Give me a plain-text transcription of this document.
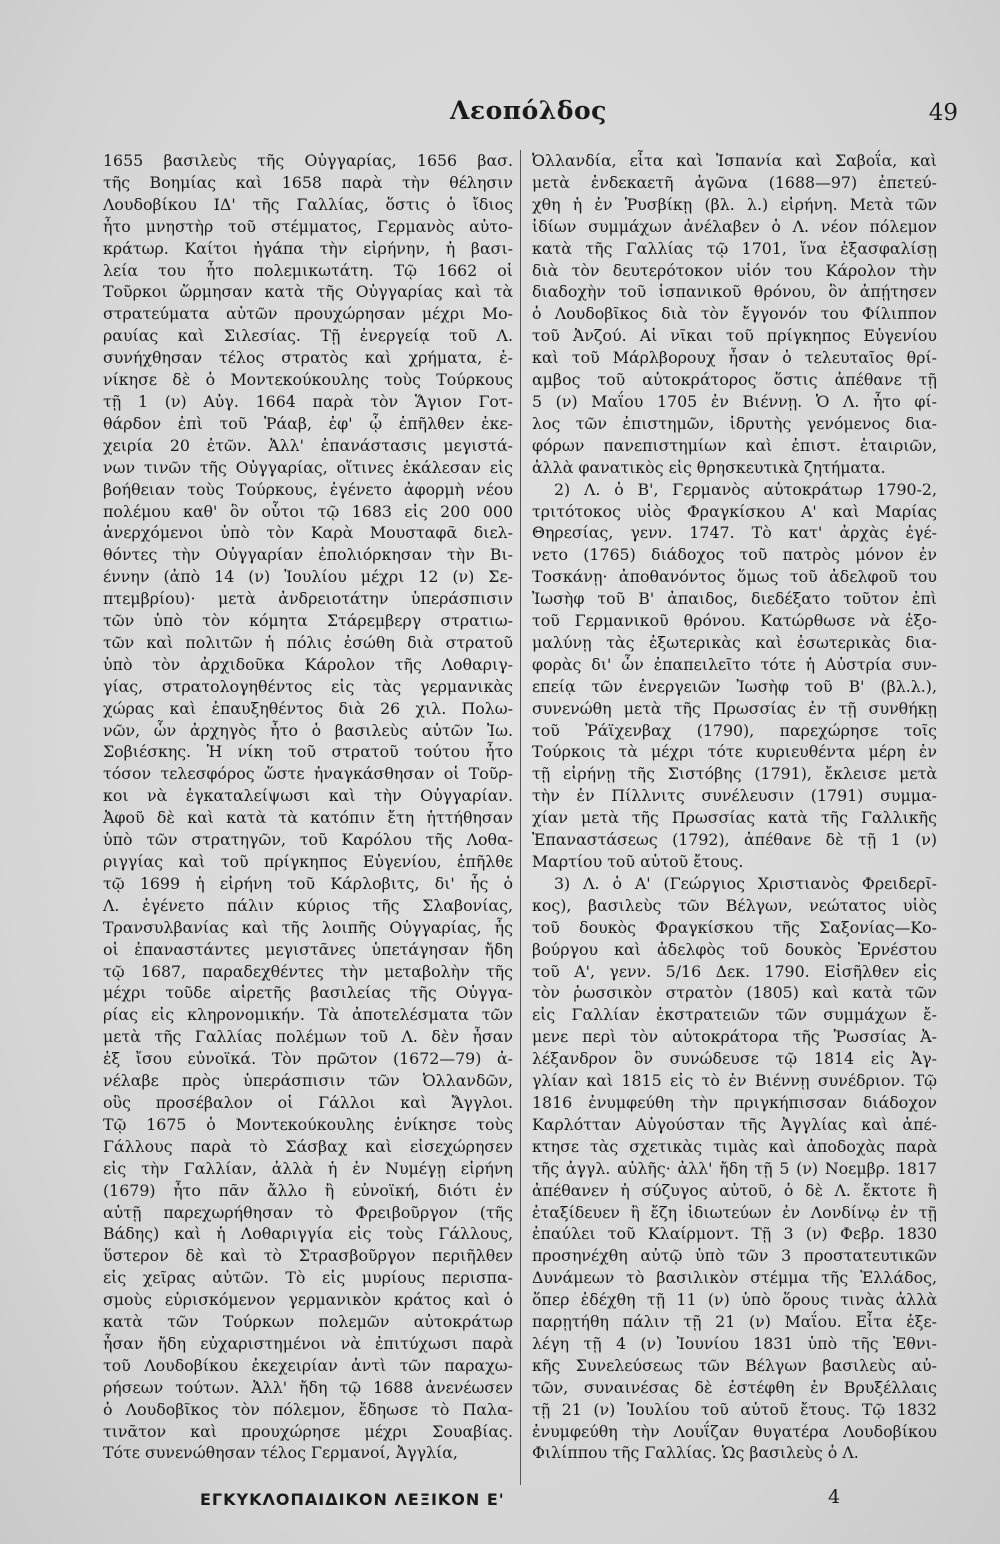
Λεοπόλδος	49
1655 βασιλεὺς τῆς Οὐγγαρίας, 1656 βασ.
τῆς Βοημίας καὶ 1658 παρὰ τὴν θέλησιν
Λουδοβίκου ΙΔ' τῆς Γαλλίας, ὅστις ὁ ἴδιος
ἦτο μνηστὴρ τοῦ στέμματος, Γερμανὸς αὐτο-
κράτωρ. Καίτοι ἠγάπα τὴν εἰρήνην, ἡ βασι-
λεία του ἦτο πολεμικωτάτη. Τῷ 1662 οἱ
Τοῦρκοι ὥρμησαν κατὰ τῆς Οὐγγαρίας καὶ τὰ
στρατεύματα αὐτῶν προυχώρησαν μέχρι Μο-
ραυίας καὶ Σιλεσίας. Τῇ ἐνεργείᾳ τοῦ Λ.
συνήχθησαν τέλος στρατὸς καὶ χρήματα, ἐ-
νίκησε δὲ ὁ Μοντεκούκουλης τοὺς Τούρκους
τῇ 1 (ν) Αὐγ. 1664 παρὰ τὸν Ἅγιον Γοτ-
θάρδον ἐπὶ τοῦ Ῥάαβ, ἐφ' ᾧ ἐπῆλθεν ἐκε-
χειρία 20 ἐτῶν. Ἀλλ' ἐπανάστασις μεγιστά-
νων τινῶν τῆς Οὐγγαρίας, οἵτινες ἐκάλεσαν εἰς
βοήθειαν τοὺς Τούρκους, ἐγένετο ἀφορμὴ νέου
πολέμου καθ' ὃν οὗτοι τῷ 1683 εἰς 200 000
ἀνερχόμενοι ὑπὸ τὸν Καρὰ Μουσταφᾶ διελ-
θόντες τὴν Οὐγγαρίαν ἐπολιόρκησαν τὴν Βι-
έννην (ἀπὸ 14 (ν) Ἰουλίου μέχρι 12 (ν) Σε-
πτεμβρίου)· μετὰ ἀνδρειοτάτην ὑπεράσπισιν
τῶν ὑπὸ τὸν κόμητα Στάρεμβεργ στρατιω-
τῶν καὶ πολιτῶν ἡ πόλις ἐσώθη διὰ στρατοῦ
ὑπὸ τὸν ἀρχιδοῦκα Κάρολον τῆς Λοθαριγ-
γίας, στρατολογηθέντος εἰς τὰς γερμανικὰς
χώρας καὶ ἐπαυξηθέντος διὰ 26 χιλ. Πολω-
νῶν, ὧν ἀρχηγὸς ἦτο ὁ βασιλεὺς αὐτῶν Ἰω.
Σοβιέσκης. Ἡ νίκη τοῦ στρατοῦ τούτου ἦτο
τόσον τελεσφόρος ὥστε ἠναγκάσθησαν οἱ Τοῦρ-
κοι νὰ ἐγκαταλείψωσι καὶ τὴν Οὐγγαρίαν.
Ἀφοῦ δὲ καὶ κατὰ τὰ κατόπιν ἔτη ἡττήθησαν
ὑπὸ τῶν στρατηγῶν, τοῦ Καρόλου τῆς Λοθα-
ριγγίας καὶ τοῦ πρίγκηπος Εὐγενίου, ἐπῆλθε
τῷ 1699 ἡ εἰρήνη τοῦ Κάρλοβιτς, δι' ἧς ὁ
Λ. ἐγένετο πάλιν κύριος τῆς Σλαβονίας,
Τρανσυλβανίας καὶ τῆς λοιπῆς Οὐγγαρίας, ἧς
οἱ ἐπαναστάντες μεγιστᾶνες ὑπετάγησαν ἤδη
τῷ 1687, παραδεχθέντες τὴν μεταβολὴν τῆς
μέχρι τοῦδε αἱρετῆς βασιλείας τῆς Οὐγγα-
ρίας εἰς κληρονομικήν. Τὰ ἀποτελέσματα τῶν
μετὰ τῆς Γαλλίας πολέμων τοῦ Λ. δὲν ἦσαν
ἐξ ἴσου εὐνοϊκά. Τὸν πρῶτον (1672—79) ἀ-
νέλαβε πρὸς ὑπεράσπισιν τῶν Ὀλλανδῶν,
οὓς προσέβαλον οἱ Γάλλοι καὶ Ἄγγλοι.
Τῷ 1675 ὁ Μοντεκούκουλης ἐνίκησε τοὺς
Γάλλους παρὰ τὸ Σάσβαχ καὶ εἰσεχώρησεν
εἰς τὴν Γαλλίαν, ἀλλὰ ἡ ἐν Νυμέγῃ εἰρήνη
(1679) ἦτο πᾶν ἄλλο ἢ εὐνοϊκή, διότι ἐν
αὐτῇ παρεχωρήθησαν τὸ Φρειβοῦργον (τῆς
Βάδης) καὶ ἡ Λοθαριγγία εἰς τοὺς Γάλλους,
ὕστερον δὲ καὶ τὸ Στρασβοῦργον περιῆλθεν
εἰς χεῖρας αὐτῶν. Τὸ εἰς μυρίους περισπα-
σμοὺς εὑρισκόμενον γερμανικὸν κράτος καὶ ὁ
κατὰ τῶν Τούρκων πολεμῶν αὐτοκράτωρ
ἦσαν ἤδη εὐχαριστημένοι νὰ ἐπιτύχωσι παρὰ
τοῦ Λουδοβίκου ἐκεχειρίαν ἀντὶ τῶν παραχω-
ρήσεων τούτων. Ἀλλ' ἤδη τῷ 1688 ἀνενέωσεν
ὁ Λουδοβῖκος τὸν πόλεμον, ἔδηωσε τὸ Παλα-
τινᾶτον καὶ προυχώρησε μέχρι Σουαβίας.
Τότε συνενώθησαν τέλος Γερμανοί, Ἀγγλία,
Ὀλλανδία, εἶτα καὶ Ἱσπανία καὶ Σαβοΐα, καὶ
μετὰ ἑνδεκαετῆ ἀγῶνα (1688—97) ἐπετεύ-
χθη ἡ ἐν Ῥυσβίκῃ (βλ. λ.) εἰρήνη. Μετὰ τῶν
ἰδίων συμμάχων ἀνέλαβεν ὁ Λ. νέον πόλεμον
κατὰ τῆς Γαλλίας τῷ 1701, ἵνα ἐξασφαλίσῃ
διὰ τὸν δευτερότοκον υἱόν του Κάρολον τὴν
διαδοχὴν τοῦ ἱσπανικοῦ θρόνου, ὃν ἀπῄτησεν
ὁ Λουδοβῖκος διὰ τὸν ἔγγονόν του Φίλιππον
τοῦ Ἀνζού. Αἱ νῖκαι τοῦ πρίγκηπος Εὐγενίου
καὶ τοῦ Μάρλβορουχ ἦσαν ὁ τελευταῖος θρί-
αμβος τοῦ αὐτοκράτορος ὅστις ἀπέθανε τῇ
5 (ν) Μαΐου 1705 ἐν Βιέννῃ. Ὁ Λ. ἦτο φί-
λος τῶν ἐπιστημῶν, ἱδρυτὴς γενόμενος δια-
φόρων πανεπιστημίων καὶ ἐπιστ. ἑταιριῶν,
ἀλλὰ φανατικὸς εἰς θρησκευτικὰ ζητήματα.
2) Λ. ὁ Β', Γερμανὸς αὐτοκράτωρ 1790-2,
τριτότοκος υἱὸς Φραγκίσκου Α' καὶ Μαρίας
Θηρεσίας, γενν. 1747. Τὸ κατ' ἀρχὰς ἐγέ-
νετο (1765) διάδοχος τοῦ πατρὸς μόνον ἐν
Τοσκάνῃ· ἀποθανόντος ὅμως τοῦ ἀδελφοῦ του
Ἰωσὴφ τοῦ Β' ἀπαιδος, διεδέξατο τοῦτον ἐπὶ
τοῦ Γερμανικοῦ θρόνου. Κατώρθωσε νὰ ἐξο-
μαλύνῃ τὰς ἐξωτερικὰς καὶ ἐσωτερικὰς δια-
φορὰς δι' ὧν ἐπαπειλεῖτο τότε ἡ Αὐστρία συν-
επείᾳ τῶν ἐνεργειῶν Ἰωσὴφ τοῦ Β' (βλ.λ.),
συνενώθη μετὰ τῆς Πρωσσίας ἐν τῇ συνθήκῃ
τοῦ Ῥάϊχενβαχ (1790), παρεχώρησε τοῖς
Τούρκοις τὰ μέχρι τότε κυριευθέντα μέρη ἐν
τῇ εἰρήνῃ τῆς Σιστόβης (1791), ἔκλεισε μετὰ
τὴν ἐν Πίλλνιτς συνέλευσιν (1791) συμμα-
χίαν μετὰ τῆς Πρωσσίας κατὰ τῆς Γαλλικῆς
Ἐπαναστάσεως (1792), ἀπέθανε δὲ τῇ 1 (ν)
Μαρτίου τοῦ αὐτοῦ ἔτους.
3) Λ. ὁ Α' (Γεώργιος Χριστιανὸς Φρειδερῖ-
κος), βασιλεὺς τῶν Βέλγων, νεώτατος υἱὸς
τοῦ δουκὸς Φραγκίσκου τῆς Σαξονίας—Κο-
βούργου καὶ ἀδελφὸς τοῦ δουκὸς Ἐρνέστου
τοῦ Α', γενν. 5/16 Δεκ. 1790. Εἰσῆλθεν εἰς
τὸν ῥωσσικὸν στρατὸν (1805) καὶ κατὰ τῶν
εἰς Γαλλίαν ἐκστρατειῶν τῶν συμμάχων ἔ-
μενε περὶ τὸν αὐτοκράτορα τῆς Ῥωσσίας Ἀ-
λέξανδρον ὃν συνώδευσε τῷ 1814 εἰς Ἀγ-
γλίαν καὶ 1815 εἰς τὸ ἐν Βιέννῃ συνέδριον. Τῷ
1816 ἐνυμφεύθη τὴν πριγκήπισσαν διάδοχον
Καρλότταν Αὐγούσταν τῆς Ἀγγλίας καὶ ἀπέ-
κτησε τὰς σχετικὰς τιμὰς καὶ ἀποδοχὰς παρὰ
τῆς ἀγγλ. αὐλῆς· ἀλλ' ἤδη τῇ 5 (ν) Νοεμβρ. 1817
ἀπέθανεν ἡ σύζυγος αὐτοῦ, ὁ δὲ Λ. ἔκτοτε ἢ
ἐταξίδευεν ἢ ἔζη ἰδιωτεύων ἐν Λονδίνῳ ἐν τῇ
ἐπαύλει τοῦ Κλαίρμοντ. Τῇ 3 (ν) Φεβρ. 1830
προσηνέχθη αὐτῷ ὑπὸ τῶν 3 προστατευτικῶν
Δυνάμεων τὸ βασιλικὸν στέμμα τῆς Ἑλλάδος,
ὅπερ ἐδέχθη τῇ 11 (ν) ὑπὸ ὅρους τινὰς ἀλλὰ
παρῃτήθη πάλιν τῇ 21 (ν) Μαΐου. Εἶτα ἐξε-
λέγη τῇ 4 (ν) Ἰουνίου 1831 ὑπὸ τῆς Ἐθνι-
κῆς Συνελεύσεως τῶν Βέλγων βασιλεὺς αὐ-
τῶν, συναινέσας δὲ ἐστέφθη ἐν Βρυξέλλαις
τῇ 21 (ν) Ἰουλίου τοῦ αὐτοῦ ἔτους. Τῷ 1832
ἐνυμφεύθη τὴν Λουΐζαν θυγατέρα Λουδοβίκου
Φιλίππου τῆς Γαλλίας. Ὡς βασιλεὺς ὁ Λ.
ΕΓΚΥΚΛΟΠΑΙΔΙΚΟΝ ΛΕΞΙΚΟΝ Ε'	4
